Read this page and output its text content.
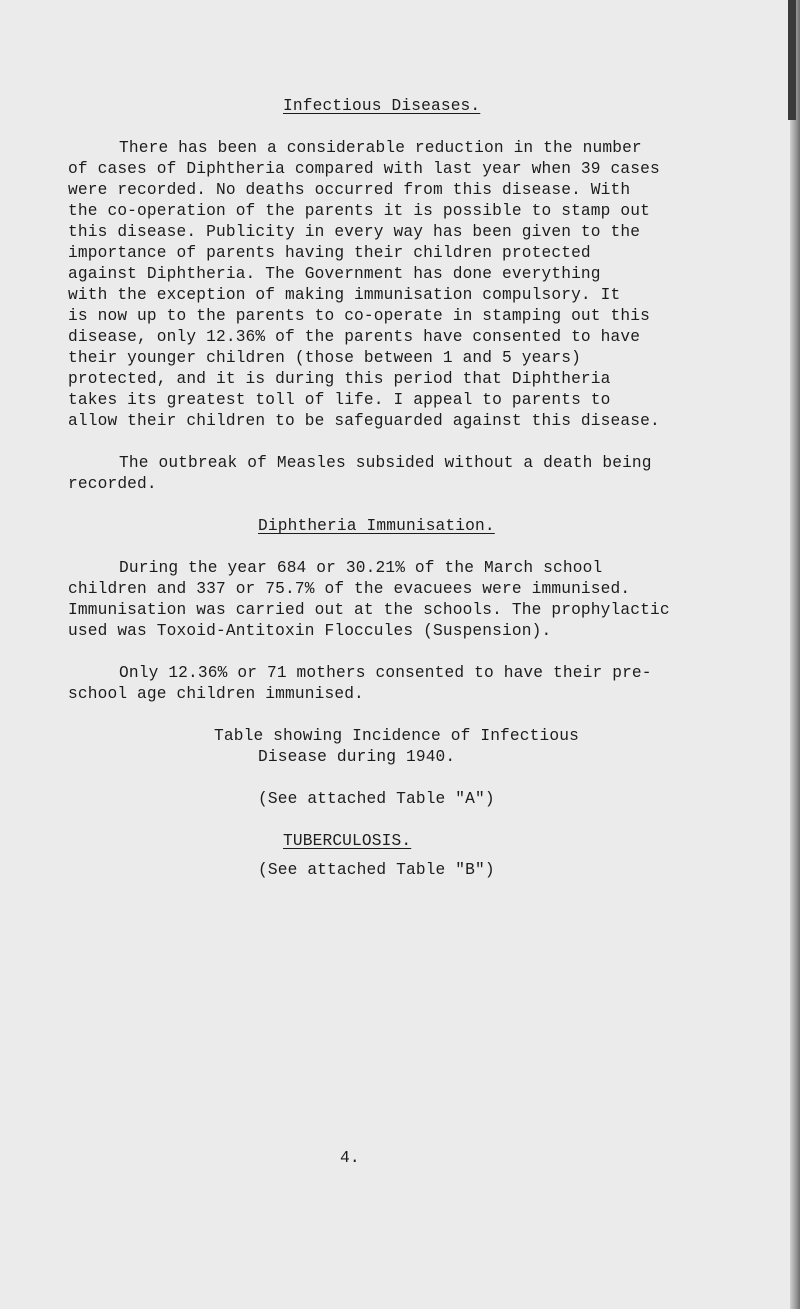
Infectious Diseases.
There has been a considerable reduction in the number
of cases of Diphtheria compared with last year when 39 cases
were recorded. No deaths occurred from this disease. With
the co-operation of the parents it is possible to stamp out
this disease. Publicity in every way has been given to the
importance of parents having their children protected
against Diphtheria. The Government has done everything
with the exception of making immunisation compulsory. It
is now up to the parents to co-operate in stamping out this
disease, only 12.36% of the parents have consented to have
their younger children (those between 1 and 5 years)
protected, and it is during this period that Diphtheria
takes its greatest toll of life. I appeal to parents to
allow their children to be safeguarded against this disease.
The outbreak of Measles subsided without a death being
recorded.
Diphtheria Immunisation.
During the year 684 or 30.21% of the March school
children and 337 or 75.7% of the evacuees were immunised.
Immunisation was carried out at the schools. The prophylactic
used was Toxoid-Antitoxin Floccules (Suspension).
Only 12.36% or 71 mothers consented to have their pre-
school age children immunised.
Table showing Incidence of Infectious
Disease during 1940.
(See attached Table "A")
TUBERCULOSIS.
(See attached Table "B")
4.
